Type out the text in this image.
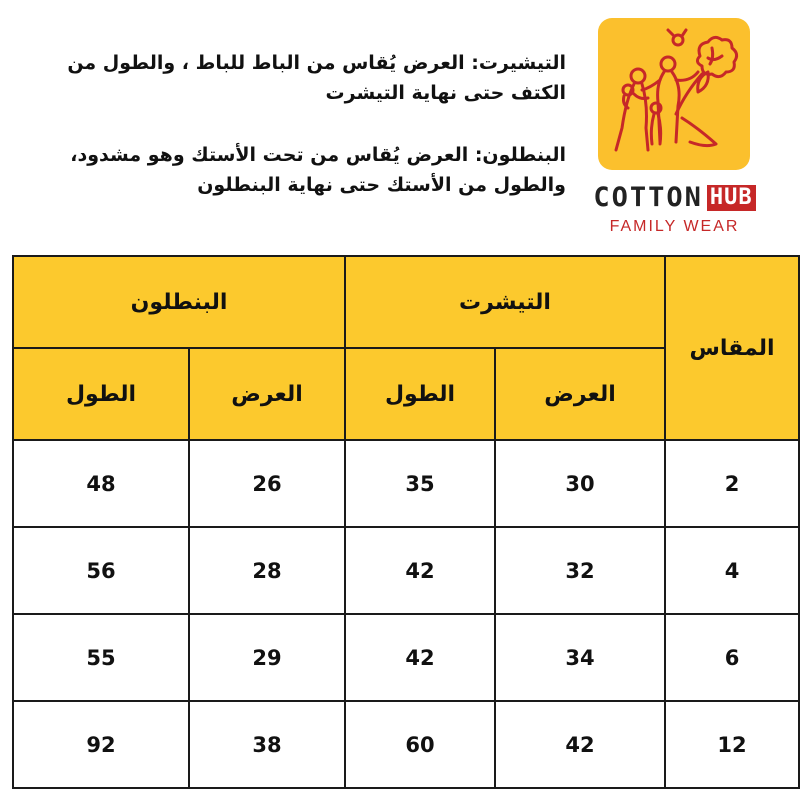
التيشيرت: العرض يُقاس من الباط للباط ، والطول من
الكتف حتى نهاية التيشرت
البنطلون: العرض يُقاس من تحت الأستك وهو مشدود،
والطول من الأستك حتى نهاية البنطلون	COTTON HUB
FAMILY WEAR
المقاس	التيشرت		البنطلون	
	العرض	الطول	العرض	الطول
2	30	35	26	48
4	32	42	28	56
6	34	42	29	55
12	42	60	38	92
